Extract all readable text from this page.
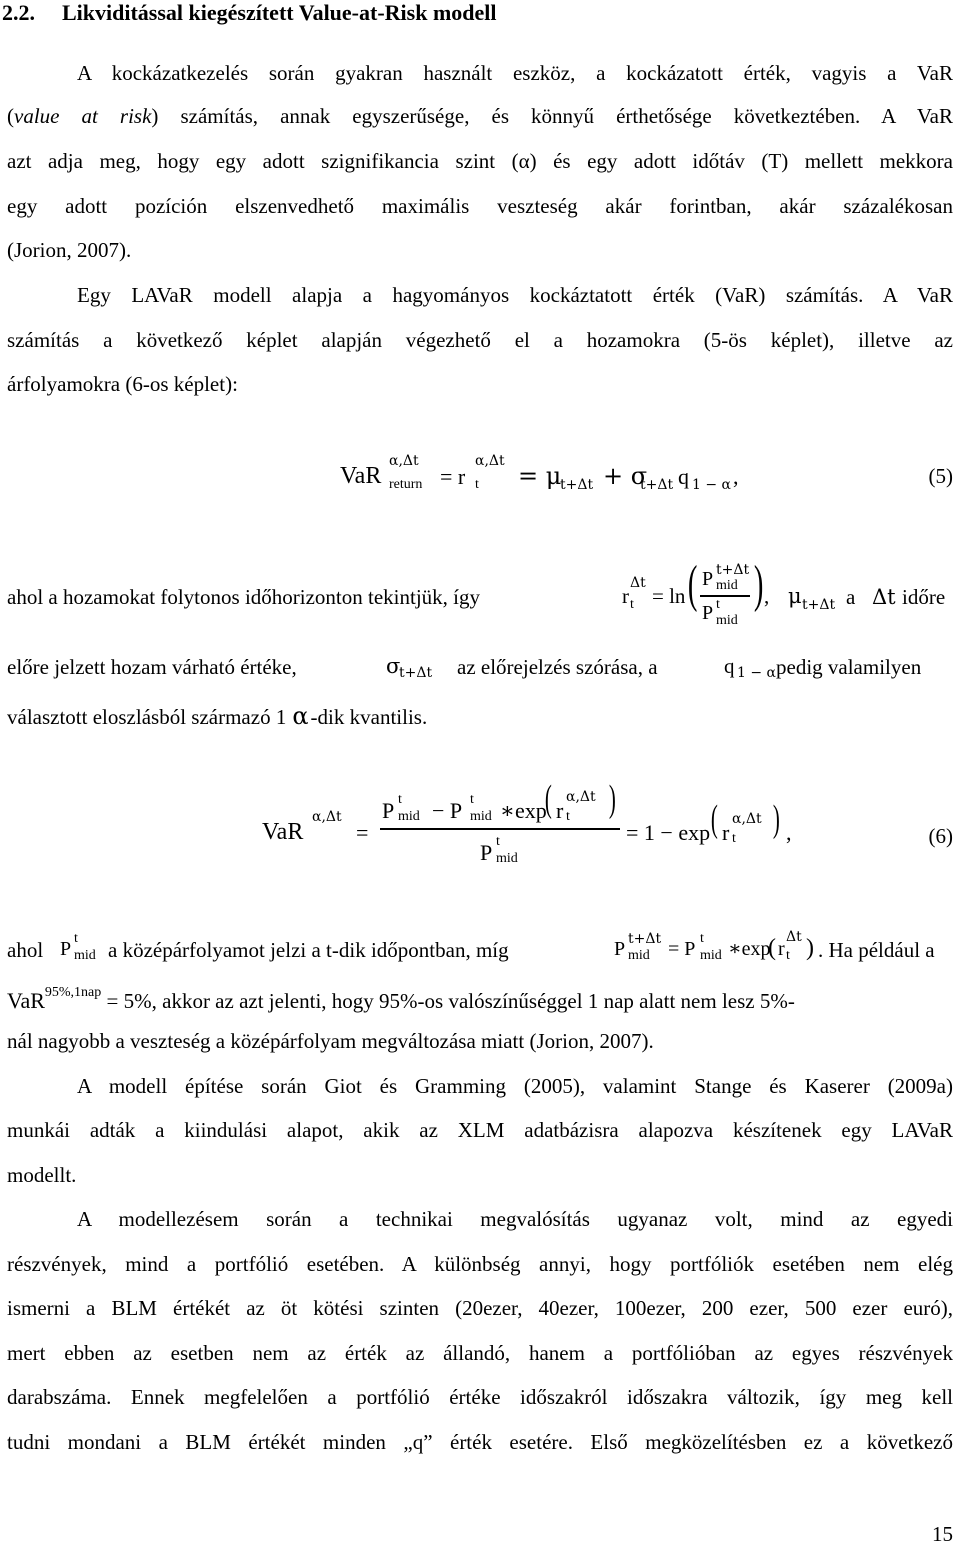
2.2. Likviditással kiegészített Value-at-Risk modell
A kockázatkezelés során gyakran használt eszköz, a kockázatott érték, vagyis a VaR
(value at risk) számítás, annak egyszerűsége, és könnyű érthetősége következtében. A VaR
azt adja meg, hogy egy adott szignifikancia szint (α) és egy adott időtáv (T) mellett mekkora
egy adott pozíción elszenvedhető maximális veszteség akár forintban, akár százalékosan
(Jorion, 2007).
Egy LAVaR modell alapja a hagyományos kockáztatott érték (VaR) számítás. A VaR
számítás a következő képlet alapján végezhető el a hozamokra (5-ös képlet), illetve az
árfolyamokra (6-os képlet):
VaR
α,Δt
return = r
α,Δt
t = μ
t+Δt + σ
t+Δt q 1 − α ,	(5)
ahol a hozamokat folytonos időhorizonton tekintjük, így	r
Δt
t = ln ( P t+Δt
mid
P t
mid
) , μ t+Δt a Δt időre
előre jelzett hozam várható értéke,	σ
t+Δt az előrejelzés szórása, a	q 1 − α pedig valamilyen
választott eloszlásból származó 1 α-dik kvantilis.
VaR
α,Δt
=
P t
mid − P t
mid ∗exp
( r
α,Δt
t )
P t
mid
= 1 − exp ( r
α,Δt
t ) ,	(6)
ahol P t
mid a középárfolyamot jelzi a t-dik időpontban, míg	P t+Δt
mid = P t
mid ∗exp
( r
Δt
t ) . Ha például a
VaR$^{95\%,1nap}$ = 5%, akkor az azt jelenti, hogy 95%-os valószínűséggel 1 nap alatt nem lesz 5%-
nál nagyobb a veszteség a középárfolyam megváltozása miatt (Jorion, 2007).
A modell építése során Giot és Gramming (2005), valamint Stange és Kaserer (2009a)
munkái adták a kiindulási alapot, akik az XLM adatbázisra alapozva készítenek egy LAVaR
modellt.
A modellezésem során a technikai megvalósítás ugyanaz volt, mind az egyedi
részvények, mind a portfólió esetében. A különbség annyi, hogy portfóliók esetében nem elég
ismerni a BLM értékét az öt kötési szinten (20ezer, 40ezer, 100ezer, 200 ezer, 500 ezer euró),
mert ebben az esetben nem az érték az állandó, hanem a portfólióban az egyes részvények
darabszáma. Ennek megfelelően a portfólió értéke időszakról időszakra változik, így meg kell
tudni mondani a BLM értékét minden „q” érték esetére. Első megközelítésben ez a következő
15
